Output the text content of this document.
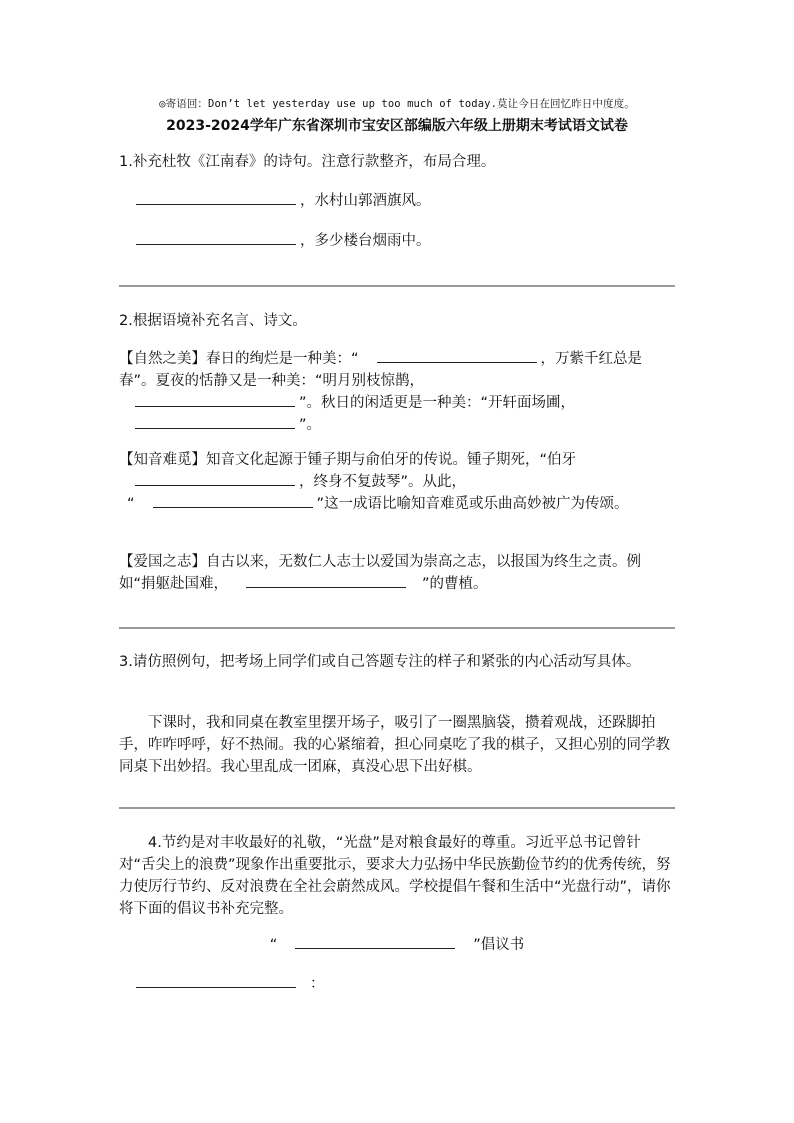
◎寄语回：Don’t let yesterday use up too much of today.莫让今日在回忆昨日中度度。
2023-2024学年广东省深圳市宝安区部编版六年级上册期末考试语文试卷
1.补充杜牧《江南春》的诗句。注意行款整齐，布局合理。
，水村山郭酒旗风。
，多少楼台烟雨中。
2.根据语境补充名言、诗文。
【自然之美】春日的绚烂是一种美：“	，万紫千红总是春”。夏夜的恬静又是一种美：“明月别枝惊鹊，
”。秋日的闲适更是一种美：“开轩面场圃，
”。
【知音难觅】知音文化起源于锺子期与俞伯牙的传说。锺子期死，“伯牙
，终身不复鼓琴”。从此，
“	”这一成语比喻知音难觅或乐曲高妙被广为传颂。
【爱国之志】自古以来，无数仁人志士以爱国为崇高之志，以报国为终生之责。例如“捐躯赴国难，	”的曹植。
3.请仿照例句，把考场上同学们或自己答题专注的样子和紧张的内心活动写具体。
下课时，我和同桌在教室里摆开场子，吸引了一圈黑脑袋，攒着观战，还跺脚拍手，咋咋呼呼，好不热闹。我的心紧缩着，担心同桌吃了我的棋子，又担心别的同学教同桌下出妙招。我心里乱成一团麻，真没心思下出好棋。
4.节约是对丰收最好的礼敬，“光盘”是对粮食最好的尊重。习近平总书记曾针对“舌尖上的浪费”现象作出重要批示，要求大力弘扬中华民族勤俭节约的优秀传统，努力使厉行节约、反对浪费在全社会蔚然成风。学校提倡午餐和生活中“光盘行动”，请你将下面的倡议书补充完整。
“	”倡议书
：
